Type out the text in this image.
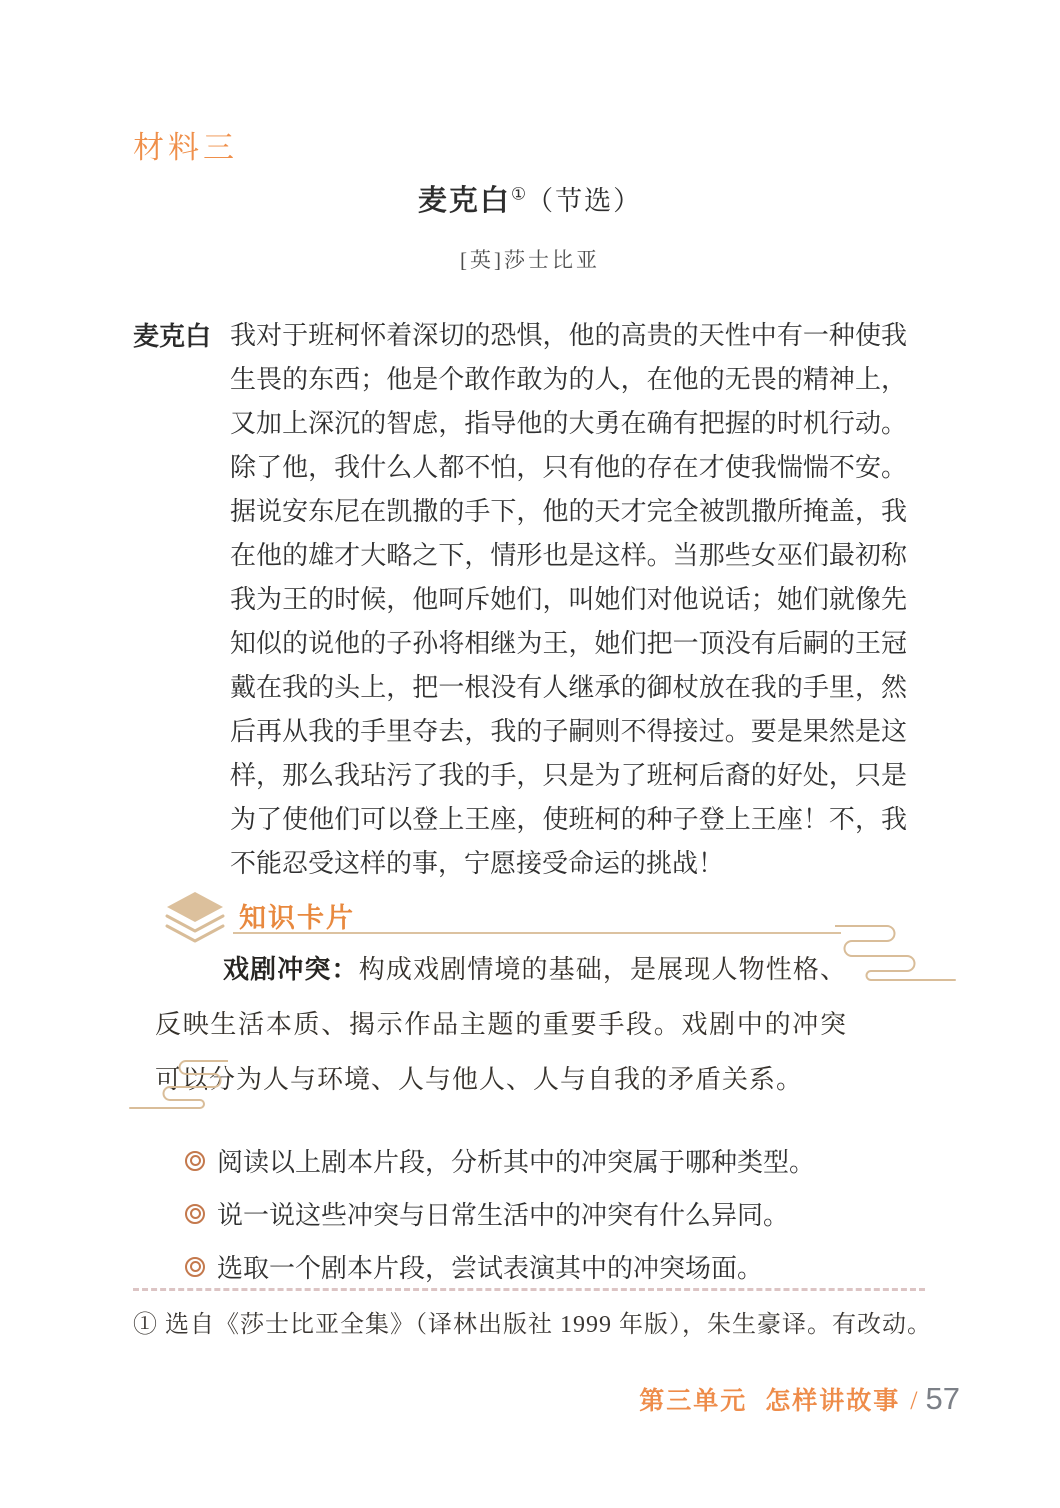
材料三
麦克白①（节选）
[英]莎士比亚
麦克白 我对于班柯怀着深切的恐惧，他的高贵的天性中有一种使我生畏的东西；他是个敢作敢为的人，在他的无畏的精神上，又加上深沉的智虑，指导他的大勇在确有把握的时机行动。除了他，我什么人都不怕，只有他的存在才使我惴惴不安。据说安东尼在凯撒的手下，他的天才完全被凯撒所掩盖，我在他的雄才大略之下，情形也是这样。当那些女巫们最初称我为王的时候，他呵斥她们，叫她们对他说话；她们就像先知似的说他的子孙将相继为王，她们把一顶没有后嗣的王冠戴在我的头上，把一根没有人继承的御杖放在我的手里，然后再从我的手里夺去，我的子嗣则不得接过。要是果然是这样，那么我玷污了我的手，只是为了班柯后裔的好处，只是为了使他们可以登上王座，使班柯的种子登上王座！不，我不能忍受这样的事，宁愿接受命运的挑战！
知识卡片

戏剧冲突：构成戏剧情境的基础，是展现人物性格、反映生活本质、揭示作品主题的重要手段。戏剧中的冲突可以分为人与环境、人与他人、人与自我的矛盾关系。

阅读以上剧本片段，分析其中的冲突属于哪种类型。
说一说这些冲突与日常生活中的冲突有什么异同。
选取一个剧本片段，尝试表演其中的冲突场面。
① 选自《莎士比亚全集》（译林出版社 1999 年版），朱生豪译。有改动。
第三单元 怎样讲故事 / 57
